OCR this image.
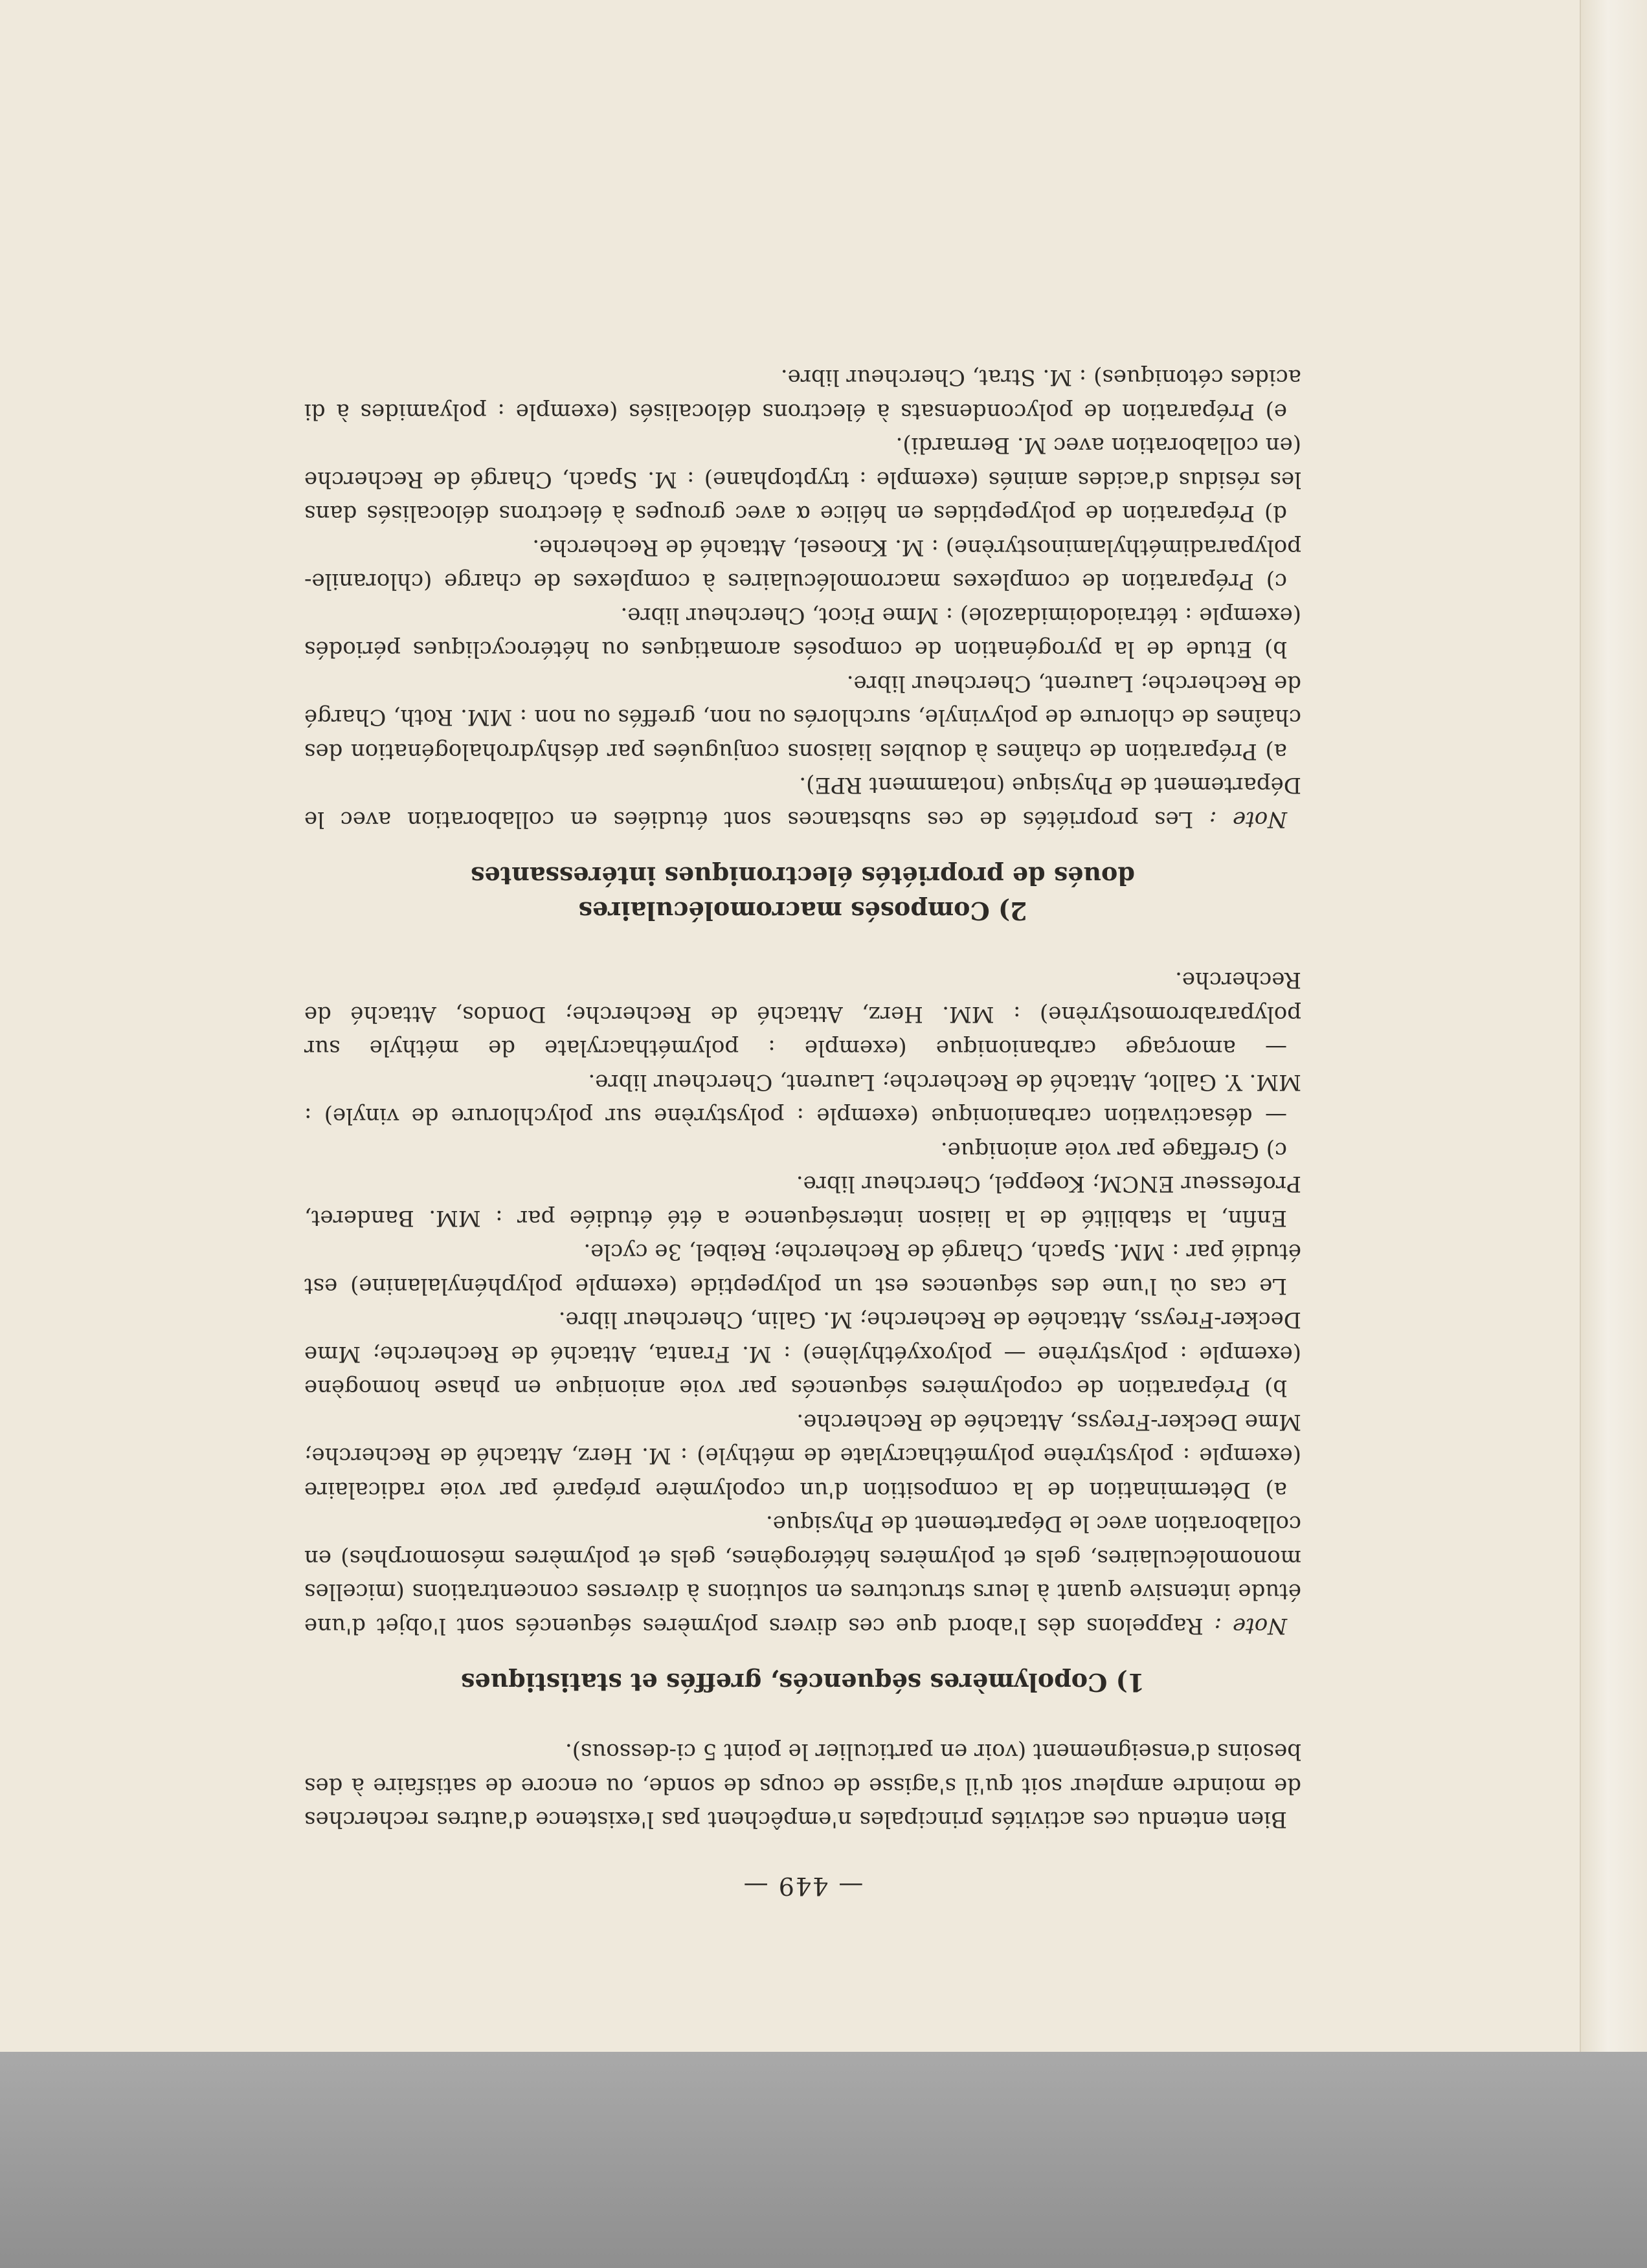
— 449 —

Bien entendu ces activités principales n'empêchent pas l'existence d'autres recherches de moindre ampleur soit qu'il s'agisse de coups de sonde, ou encore de satisfaire à des besoins d'enseignement (voir en particulier le point 5 ci-dessous).

1) Copolymères séquencés, greffés et statistiques

Note : Rappelons dès l'abord que ces divers polymères séquencés sont l'objet d'une étude intensive quant à leurs structures en solutions à diverses concentrations (micelles monomoléculaires, gels et polymères hétérogènes, gels et polymères mésomorphes) en collaboration avec le Département de Physique.

a) Détermination de la composition d'un copolymère préparé par voie radicalaire (exemple : polystyrène polyméthacrylate de méthyle) : M. Herz, Attaché de Recherche; Mme Decker-Freyss, Attachée de Recherche.

b) Préparation de copolymères séquencés par voie anionique en phase homogène (exemple : polystyrène — polyoxyéthylène) : M. Franta, Attaché de Recherche; Mme Decker-Freyss, Attachée de Recherche; M. Galin, Chercheur libre.

Le cas où l'une des séquences est un polypeptide (exemple polyphénylalanine) est étudié par : MM. Spach, Chargé de Recherche; Reibel, 3e cycle.

Enfin, la stabilité de la liaison interséquence a été étudiée par : MM. Banderet, Professeur ENCM; Koeppel, Chercheur libre.

c) Greffage par voie anionique.

— désactivation carbanionique (exemple : polystyrène sur polychlorure de vinyle) : MM. Y. Gallot, Attaché de Recherche; Laurent, Chercheur libre.

— amorçage carbanionique (exemple : polyméthacrylate de méthyle sur polyparabromostyrène) : MM. Herz, Attaché de Recherche; Dondos, Attaché de Recherche.

2) Composés macromoléculaires
doués de propriétés électroniques intéressantes

Note : Les propriétés de ces substances sont étudiées en collaboration avec le Département de Physique (notamment RPE).

a) Préparation de chaînes à doubles liaisons conjuguées par déshydrohalogénation des chaînes de chlorure de polyvinyle, surchlorés ou non, greffés ou non : MM. Roth, Chargé de Recherche; Laurent, Chercheur libre.

b) Etude de la pyrogénation de composés aromatiques ou hétérocycliques périodés (exemple : tétraiodoimidazole) : Mme Picot, Chercheur libre.

c) Préparation de complexes macromoléculaires à complexes de charge (chloranile-polyparadiméthylaminostyrène) : M. Knoesel, Attaché de Recherche.

d) Préparation de polypeptides en hélice α avec groupes à électrons délocalisés dans les résidus d'acides aminés (exemple : tryptophane) : M. Spach, Chargé de Recherche (en collaboration avec M. Bernardi).

e) Préparation de polycondensats à électrons délocalisés (exemple : polyamides à di acides cétoniques) : M. Strat, Chercheur libre.
